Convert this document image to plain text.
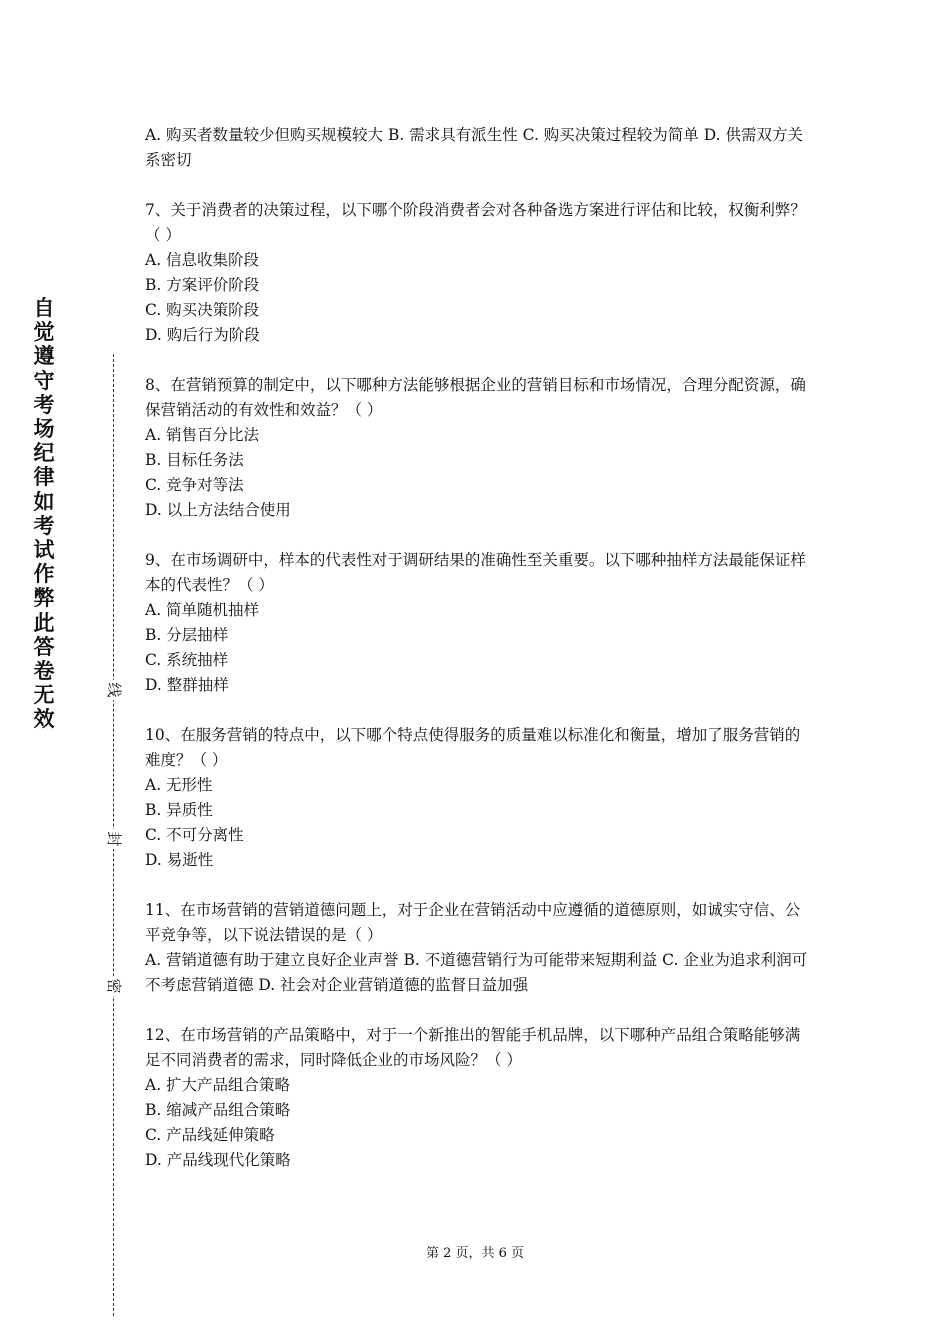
自觉遵守考场纪律如考试作弊此答卷无效
线
封
密

A. 购买者数量较少但购买规模较大 B. 需求具有派生性 C. 购买决策过程较为简单 D. 供需双方关系密切

7、关于消费者的决策过程，以下哪个阶段消费者会对各种备选方案进行评估和比较，权衡利弊？（ ）

A. 信息收集阶段

B. 方案评价阶段

C. 购买决策阶段

D. 购后行为阶段

8、在营销预算的制定中，以下哪种方法能够根据企业的营销目标和市场情况，合理分配资源，确保营销活动的有效性和效益？（ ）

A. 销售百分比法

B. 目标任务法

C. 竞争对等法

D. 以上方法结合使用

9、在市场调研中，样本的代表性对于调研结果的准确性至关重要。以下哪种抽样方法最能保证样本的代表性？（ ）

A. 简单随机抽样

B. 分层抽样

C. 系统抽样

D. 整群抽样

10、在服务营销的特点中，以下哪个特点使得服务的质量难以标准化和衡量，增加了服务营销的难度？（ ）

A. 无形性

B. 异质性

C. 不可分离性

D. 易逝性

11、在市场营销的营销道德问题上，对于企业在营销活动中应遵循的道德原则，如诚实守信、公平竞争等，以下说法错误的是（ ）

A. 营销道德有助于建立良好企业声誉 B. 不道德营销行为可能带来短期利益 C. 企业为追求利润可不考虑营销道德 D. 社会对企业营销道德的监督日益加强

12、在市场营销的产品策略中，对于一个新推出的智能手机品牌，以下哪种产品组合策略能够满足不同消费者的需求，同时降低企业的市场风险？（ ）

A. 扩大产品组合策略

B. 缩减产品组合策略

C. 产品线延伸策略

D. 产品线现代化策略

第 2 页，共 6 页
